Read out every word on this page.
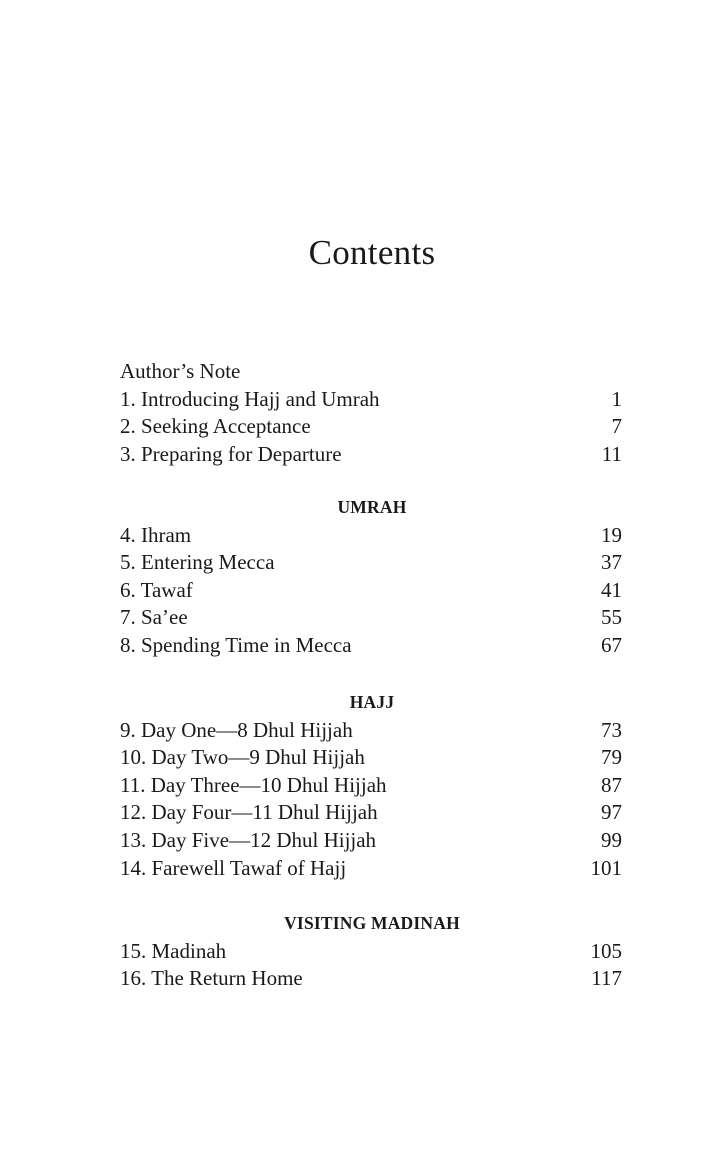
Contents
Author’s Note
1. Introducing Hajj and Umrah	1
2. Seeking Acceptance	7
3. Preparing for Departure	11
UMRAH
4. Ihram	19
5. Entering Mecca	37
6. Tawaf	41
7. Sa’ee	55
8. Spending Time in Mecca	67
HAJJ
9. Day One—8 Dhul Hijjah	73
10. Day Two—9 Dhul Hijjah	79
11. Day Three—10 Dhul Hijjah	87
12. Day Four—11 Dhul Hijjah	97
13. Day Five—12 Dhul Hijjah	99
14. Farewell Tawaf of Hajj	101
VISITING MADINAH
15. Madinah	105
16. The Return Home	117
